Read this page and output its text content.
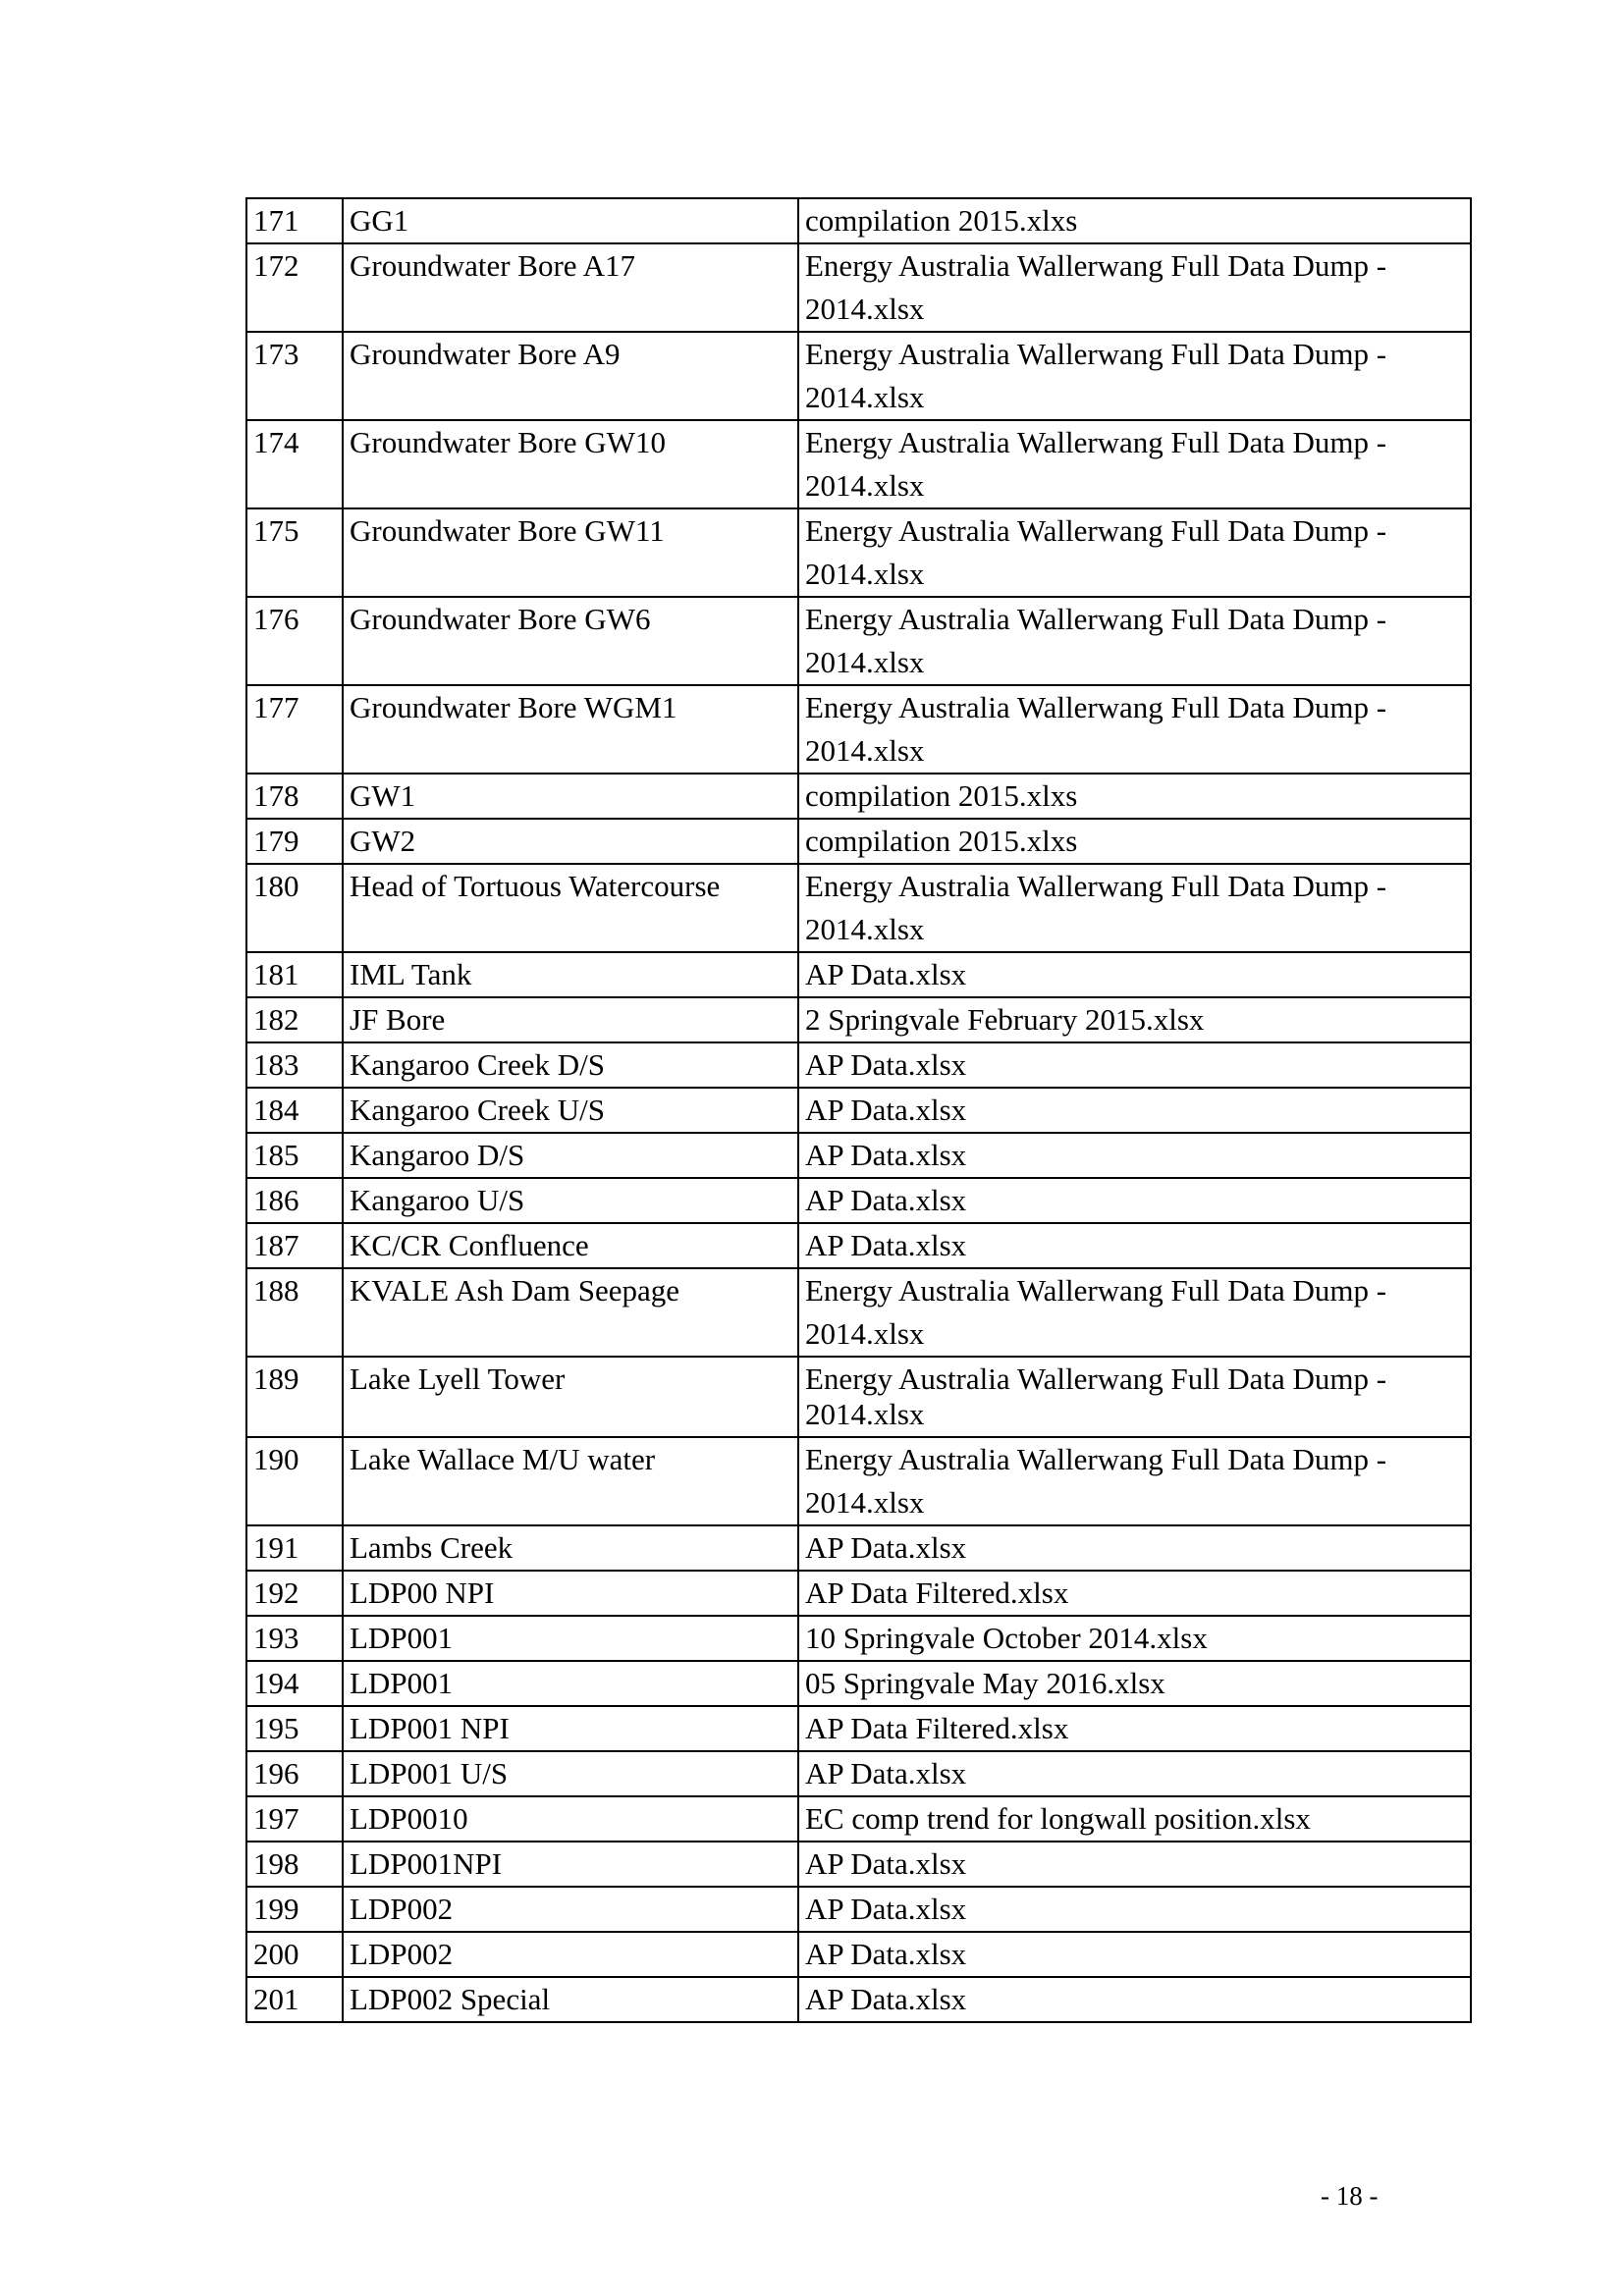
171	GG1	compilation 2015.xlxs
172	Groundwater Bore A17	Energy Australia Wallerwang Full Data Dump - 2014.xlsx
173	Groundwater Bore A9	Energy Australia Wallerwang Full Data Dump - 2014.xlsx
174	Groundwater Bore GW10	Energy Australia Wallerwang Full Data Dump - 2014.xlsx
175	Groundwater Bore GW11	Energy Australia Wallerwang Full Data Dump - 2014.xlsx
176	Groundwater Bore GW6	Energy Australia Wallerwang Full Data Dump - 2014.xlsx
177	Groundwater Bore WGM1	Energy Australia Wallerwang Full Data Dump - 2014.xlsx
178	GW1	compilation 2015.xlxs
179	GW2	compilation 2015.xlxs
180	Head of Tortuous Watercourse	Energy Australia Wallerwang Full Data Dump - 2014.xlsx
181	IML Tank	AP Data.xlsx
182	JF Bore	2 Springvale February 2015.xlsx
183	Kangaroo Creek D/S	AP Data.xlsx
184	Kangaroo Creek U/S	AP Data.xlsx
185	Kangaroo D/S	AP Data.xlsx
186	Kangaroo U/S	AP Data.xlsx
187	KC/CR Confluence	AP Data.xlsx
188	KVALE Ash Dam Seepage	Energy Australia Wallerwang Full Data Dump - 2014.xlsx
189	Lake Lyell Tower	Energy Australia Wallerwang Full Data Dump - 2014.xlsx
190	Lake Wallace M/U water	Energy Australia Wallerwang Full Data Dump - 2014.xlsx
191	Lambs Creek	AP Data.xlsx
192	LDP00 NPI	AP Data Filtered.xlsx
193	LDP001	10 Springvale October 2014.xlsx
194	LDP001	05 Springvale May 2016.xlsx
195	LDP001 NPI	AP Data Filtered.xlsx
196	LDP001 U/S	AP Data.xlsx
197	LDP0010	EC comp trend for longwall position.xlsx
198	LDP001NPI	AP Data.xlsx
199	LDP002	AP Data.xlsx
200	LDP002	AP Data.xlsx
201	LDP002 Special	AP Data.xlsx
- 18 -
